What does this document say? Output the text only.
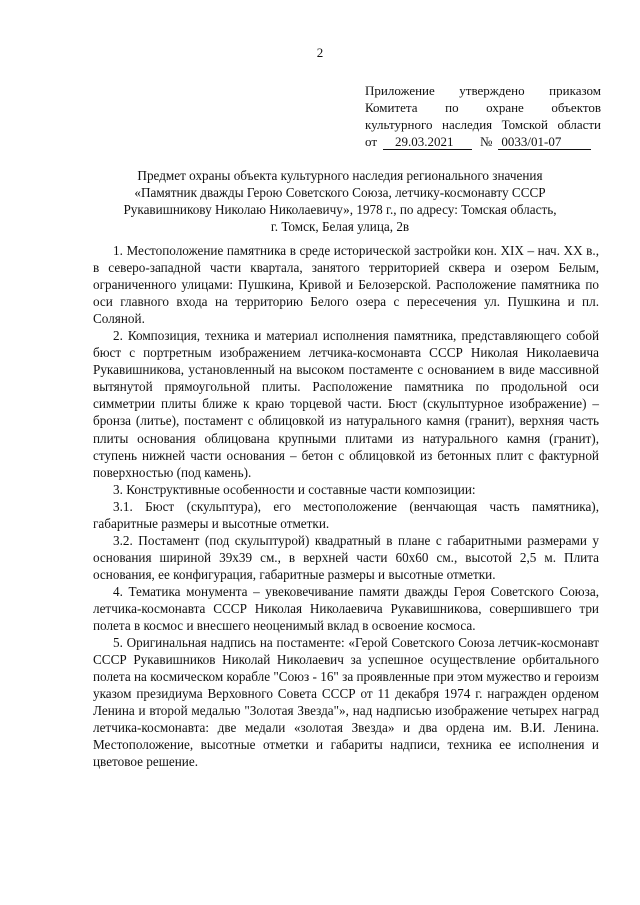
2
Приложение утверждено приказом
Комитета по охране объектов
культурного наследия Томской области
от	29.03.2021	№ 0033/01-07
Предмет охраны объекта культурного наследия регионального значения
«Памятник дважды Герою Советского Союза, летчику-космонавту СССР
Рукавишникову Николаю Николаевичу», 1978 г., по адресу: Томская область,
г. Томск, Белая улица, 2в

1. Местоположение памятника в среде исторической застройки кон. XIX – нач. XX в., в северо-западной части квартала, занятого территорией сквера и озером Белым, ограниченного улицами: Пушкина, Кривой и Белозерской. Расположение памятника по оси главного входа на территорию Белого озера с пересечения ул. Пушкина и пл. Соляной.

2. Композиция, техника и материал исполнения памятника, представляющего собой бюст с портретным изображением летчика-космонавта СССР Николая Николаевича Рукавишникова, установленный на высоком постаменте с основанием в виде массивной вытянутой прямоугольной плиты. Расположение памятника по продольной оси симметрии плиты ближе к краю торцевой части. Бюст (скульптурное изображение) – бронза (литье), постамент с облицовкой из натурального камня (гранит), верхняя часть плиты основания облицована крупными плитами из натурального камня (гранит), ступень нижней части основания – бетон с облицовкой из бетонных плит с фактурной поверхностью (под камень).

3. Конструктивные особенности и составные части композиции:

3.1. Бюст (скульптура), его местоположение (венчающая часть памятника), габаритные размеры и высотные отметки.

3.2. Постамент (под скульптурой) квадратный в плане с габаритными размерами у основания шириной 39х39 см., в верхней части 60х60 см., высотой 2,5 м. Плита основания, ее конфигурация, габаритные размеры и высотные отметки.

4. Тематика монумента – увековечивание памяти дважды Героя Советского Союза, летчика-космонавта СССР Николая Николаевича Рукавишникова, совершившего три полета в космос и внесшего неоценимый вклад в освоение космоса.

5. Оригинальная надпись на постаменте: «Герой Советского Союза летчик-космонавт СССР Рукавишников Николай Николаевич за успешное осуществление орбитального полета на космическом корабле "Союз - 16" за проявленные при этом мужество и героизм указом президиума Верховного Совета СССР от 11 декабря 1974 г. награжден орденом Ленина и второй медалью "Золотая Звезда"», над надписью изображение четырех наград летчика-космонавта: две медали «золотая Звезда» и два ордена им. В.И. Ленина. Местоположение, высотные отметки и габариты надписи, техника ее исполнения и цветовое решение.
